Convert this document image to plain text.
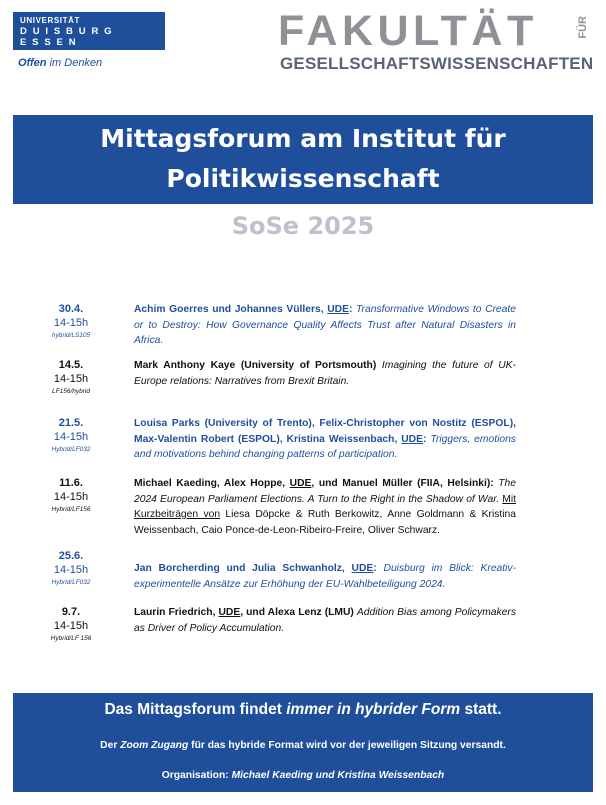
UNIVERSITÄT
D U I S B U R G
E S S E N
Offen im Denken
FAKULTÄT	FÜR
GESELLSCHAFTSWISSENSCHAFTEN
Mittagsforum am Institut für
Politikwissenschaft
SoSe 2025
30.4.
14-15h
hybrid/LS105
Achim Goerres und Johannes Vüllers, UDE: Transformative Windows to Create or to Destroy: How Governance Quality Affects Trust after Natural Disasters in Africa.
14.5.
14-15h
LF156/hybrid
Mark Anthony Kaye (University of Portsmouth) Imagining the future of UK-Europe relations: Narratives from Brexit Britain.
21.5.
14-15h
Hybrid/LF032
Louisa Parks (University of Trento), Felix-Christopher von Nostitz (ESPOL), Max-Valentin Robert (ESPOL), Kristina Weissenbach, UDE: Triggers, emotions and motivations behind changing patterns of participation.
11.6.
14-15h
Hybrid/LF156
Michael Kaeding, Alex Hoppe, UDE, und Manuel Müller (FIIA, Helsinki): The 2024 European Parliament Elections. A Turn to the Right in the Shadow of War. Mit Kurzbeiträgen von Liesa Döpcke & Ruth Berkowitz, Anne Goldmann & Kristina Weissenbach, Caio Ponce-de-Leon-Ribeiro-Freire, Oliver Schwarz.
25.6.
14-15h
Hybrid/LF032
Jan Borcherding und Julia Schwanholz, UDE: Duisburg im Blick: Kreativ-experimentelle Ansätze zur Erhöhung der EU-Wahlbeteiligung 2024.
9.7.
14-15h
Hybrid/LF 156
Laurin Friedrich, UDE, und Alexa Lenz (LMU) Addition Bias among Policymakers as Driver of Policy Accumulation.
Das Mittagsforum findet immer in hybrider Form statt.
Der Zoom Zugang für das hybride Format wird vor der jeweiligen Sitzung versandt.
Organisation: Michael Kaeding und Kristina Weissenbach
